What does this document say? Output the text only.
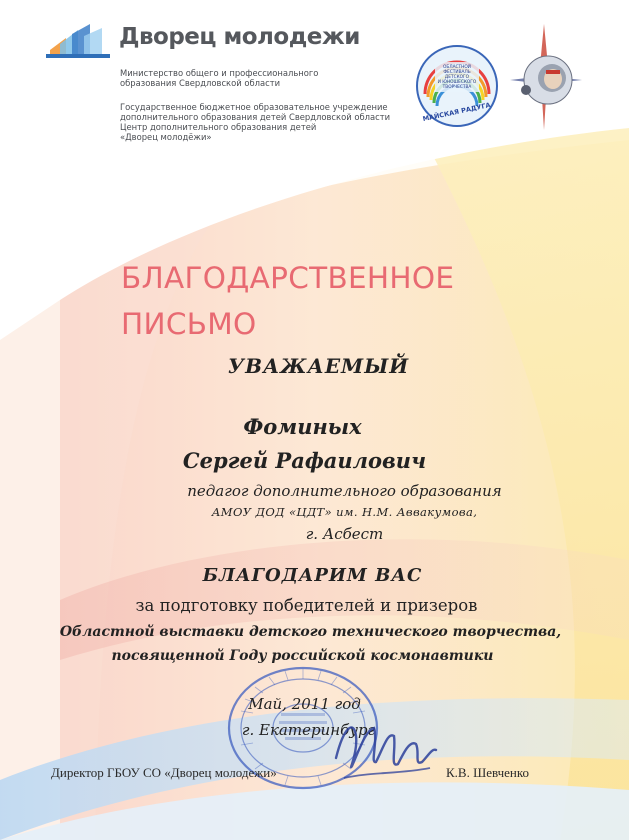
Дворец молодежи
Министерство общего и профессионального
образования Свердловской области
Государственное бюджетное образовательное учреждение
дополнительного образования детей Свердловской области
Центр дополнительного образования детей
«Дворец молодёжи»
ОБЛАСТНОЙ
ФЕСТИВАЛЬ
ДЕТСКОГО
И ЮНОШЕСКОГО
ТВОРЧЕСТВА
МАЙСКАЯ РАДУГА
БЛАГОДАРСТВЕННОЕ
ПИСЬМО
УВАЖАЕМЫЙ
Фоминых
Сергей Рафаилович
педагог дополнительного образования
АМОУ ДОД «ЦДТ» им. Н.М. Аввакумова,
г. Асбест
БЛАГОДАРИМ ВАС
за подготовку победителей и призеров
Областной выставки детского технического творчества,
посвященной Году российской космонавтики
Май, 2011 год
г. Екатеринбург
Директор ГБОУ СО «Дворец молодежи»	К.В. Шевченко
